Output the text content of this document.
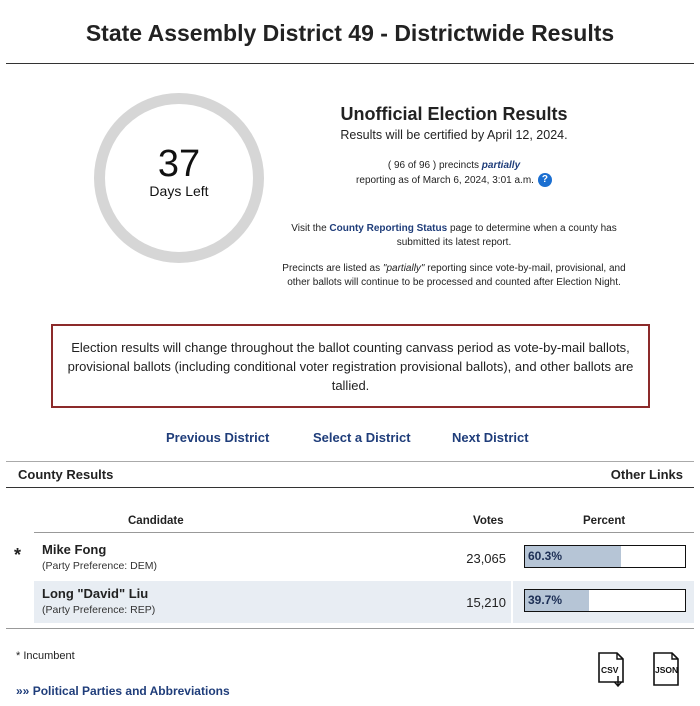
State Assembly District 49 - Districtwide Results
37
Days Left
Unofficial Election Results
Results will be certified by April 12, 2024.
( 96 of 96 ) precincts partially
reporting as of March 6, 2024, 3:01 a.m. ?
Visit the County Reporting Status page to determine when a county has submitted its latest report.
Precincts are listed as "partially" reporting since vote-by-mail, provisional, and other ballots will continue to be processed and counted after Election Night.
Election results will change throughout the ballot counting canvass period as vote-by-mail ballots, provisional ballots (including conditional voter registration provisional ballots), and other ballots are tallied.
Previous District	Select a District	Next District
County Results	Other Links
Candidate	Votes	Percent
* Mike Fong
(Party Preference: DEM)	23,065 60.3%
Long "David" Liu
(Party Preference: REP)	15,210 39.7%
* Incumbent
»» Political Parties and Abbreviations
CSV	JSON
